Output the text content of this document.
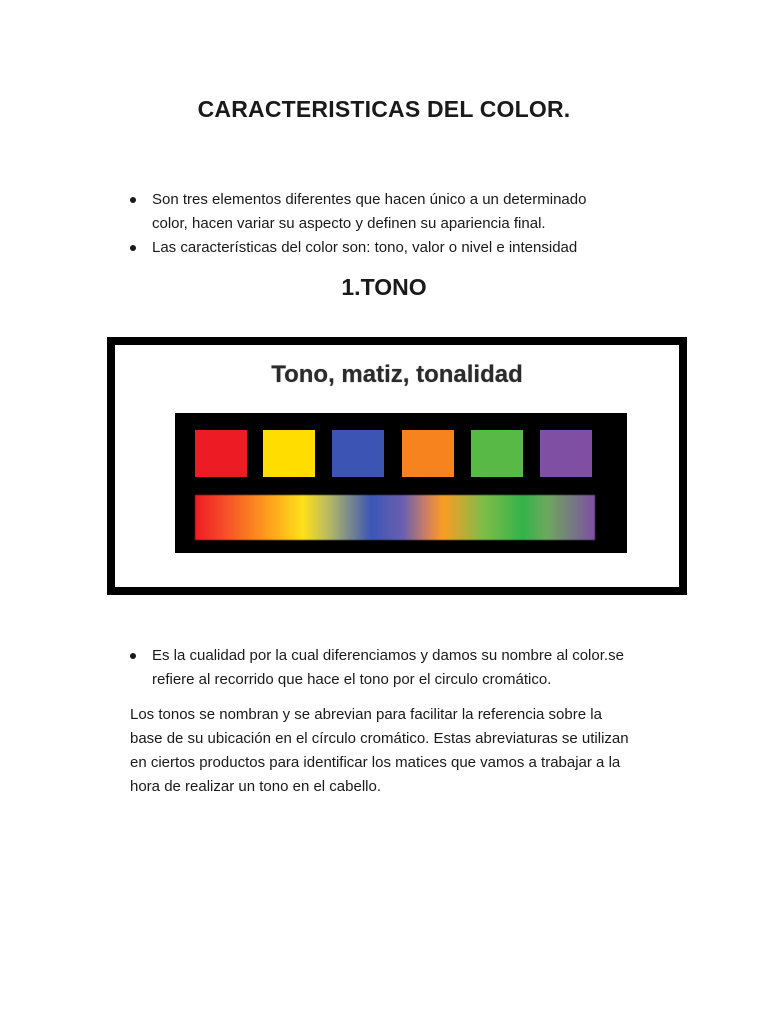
CARACTERISTICAS DEL COLOR.
Son tres elementos diferentes que hacen único a un determinado
color, hacen variar su aspecto y definen su apariencia final.
Las características del color son: tono, valor o nivel e intensidad
1.TONO
Tono, matiz, tonalidad
Es la cualidad por la cual diferenciamos y damos su nombre al color.se
refiere al recorrido que hace el tono por el circulo cromático.

Los tonos se nombran y se abrevian para facilitar la referencia sobre la
base de su ubicación en el círculo cromático. Estas abreviaturas se utilizan
en ciertos productos para identificar los matices que vamos a trabajar a la
hora de realizar un tono en el cabello.
